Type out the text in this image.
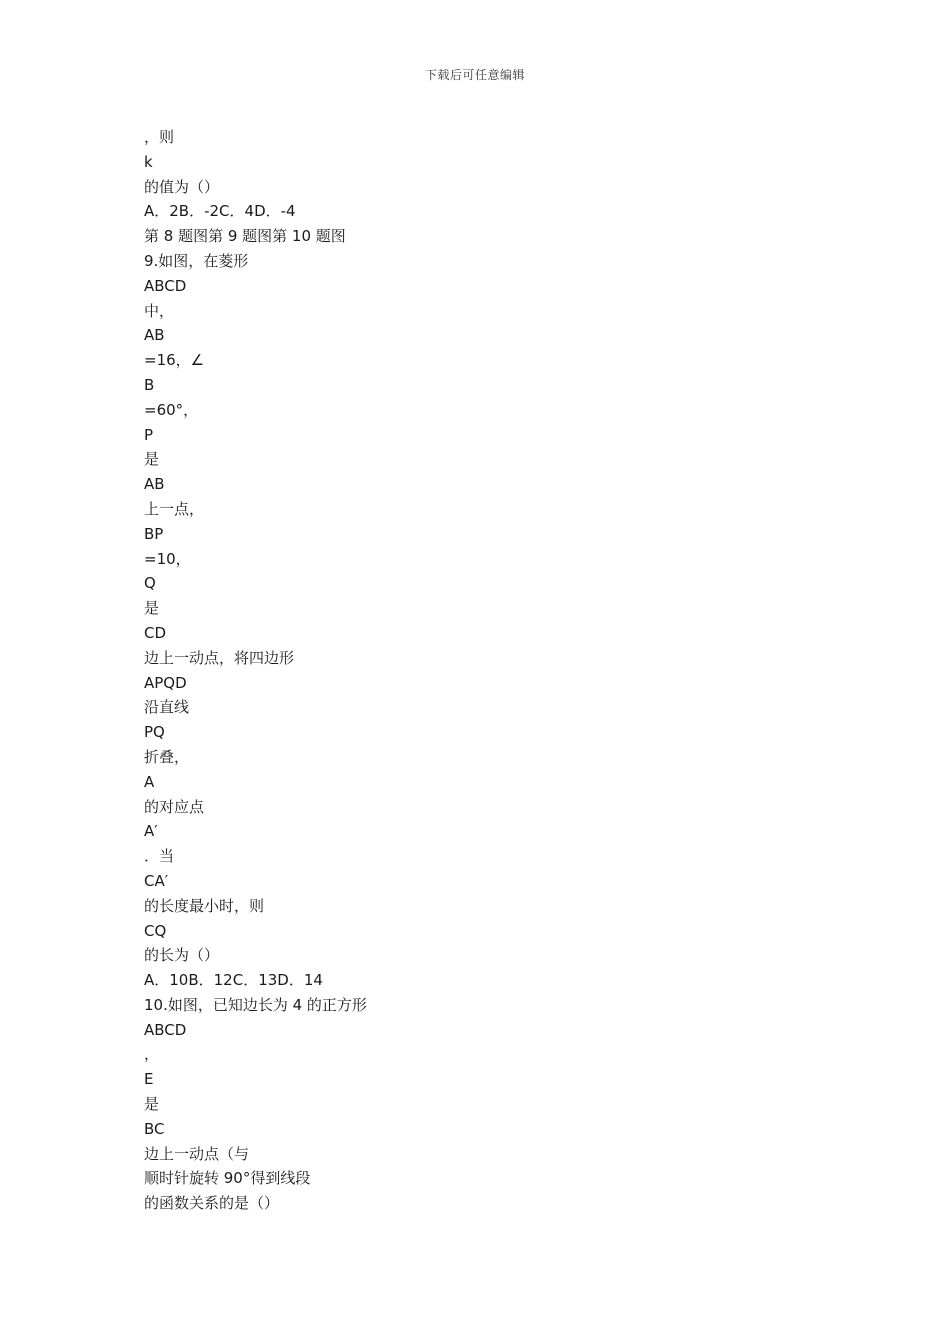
下载后可任意编辑
，则
k
的值为（）
A．2B．-2C．4D．-4
第 8 题图第 9 题图第 10 题图
9.如图，在菱形
ABCD
中，
AB
=16，∠
B
=60°，
P
是
AB
上一点，
BP
=10，
Q
是
CD
边上一动点，将四边形
APQD
沿直线
PQ
折叠，
A
的对应点
A′
．当
CA′
的长度最小时，则
CQ
的长为（）
A．10B．12C．13D．14
10.如图，已知边长为 4 的正方形
ABCD
，
E
是
BC
边上一动点（与
顺时针旋转 90°得到线段
的函数关系的是（）
